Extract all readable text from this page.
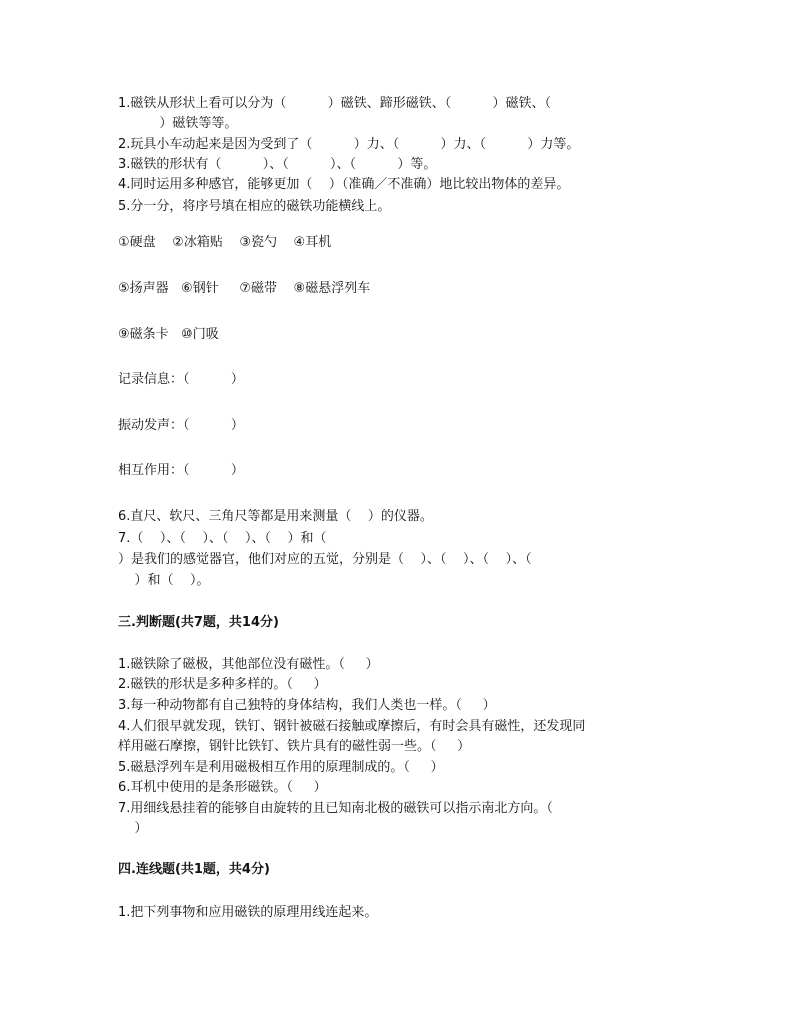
1.磁铁从形状上看可以分为（          ）磁铁、蹄形磁铁、（          ）磁铁、（
）磁铁等等。
2.玩具小车动起来是因为受到了（          ）力、（          ）力、（          ）力等。
3.磁铁的形状有（          ）、（          ）、（          ）等。
4.同时运用多种感官，能够更加（    ）（准确／不准确）地比较出物体的差异。
5.分一分，将序号填在相应的磁铁功能横线上。
①硬盘    ②冰箱贴    ③瓷勺    ④耳机
⑤扬声器   ⑥钢针     ⑦磁带    ⑧磁悬浮列车
⑨磁条卡   ⑩门吸
记录信息：（          ）
振动发声：（          ）
相互作用：（          ）
6.直尺、软尺、三角尺等都是用来测量（    ）的仪器。
7.（    ）、（    ）、（    ）、（    ）和（
）是我们的感觉器官，他们对应的五觉，分别是（    ）、（    ）、（    ）、（
）和（    ）。
三.判断题(共7题，共14分)
1.磁铁除了磁极，其他部位没有磁性。（     ）
2.磁铁的形状是多种多样的。（     ）
3.每一种动物都有自己独特的身体结构，我们人类也一样。（     ）
4.人们很早就发现，铁钉、钢针被磁石接触或摩擦后，有时会具有磁性，还发现同
样用磁石摩擦，钢针比铁钉、铁片具有的磁性弱一些。（     ）
5.磁悬浮列车是利用磁极相互作用的原理制成的。（     ）
6.耳机中使用的是条形磁铁。（     ）
7.用细线悬挂着的能够自由旋转的且已知南北极的磁铁可以指示南北方向。（
）
四.连线题(共1题，共4分)
1.把下列事物和应用磁铁的原理用线连起来。
